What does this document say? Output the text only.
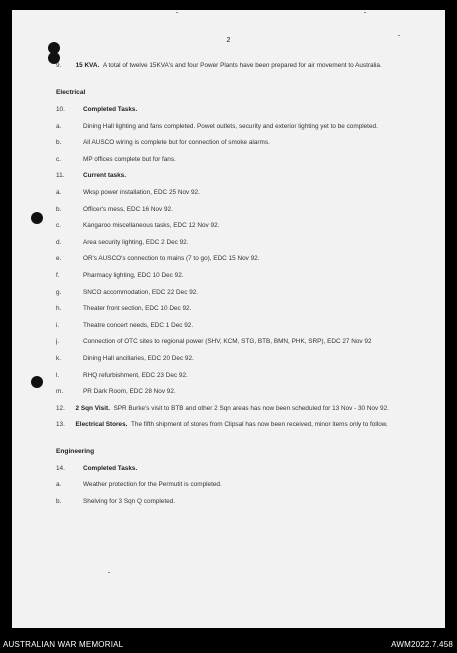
2
9. 15 KVA. A total of twelve 15KVA's and four Power Plants have been prepared for air movement to Australia.
Electrical
10.	Completed Tasks.
a.	Dining Hall lighting and fans completed. Powet outlets, security and exterior lighting yet to be completed.
b.	All AUSCO wiring is complete but for connection of smoke alarms.
c.	MP offices complete but for fans.
11.	Current tasks.
a.	Wksp power installation, EDC 25 Nov 92.
b.	Officer's mess, EDC 16 Nov 92.
c.	Kangaroo miscellaneous tasks, EDC 12 Nov 92.
d.	Area security lighting, EDC 2 Dec 92.
e.	OR's AUSCO's connection to mains (7 to go), EDC 15 Nov 92.
f.	Pharmacy lighting, EDC 10 Dec 92.
g.	SNCO accommodation, EDC 22 Dec 92.
h.	Theater front section, EDC 10 Dec 92.
i.	Theatre concert needs, EDC 1 Dec 92.
j.	Connection of OTC sites to regional power (SHV, KCM, STG, BTB, BMN, PHK, SRP), EDC 27 Nov 92
k.	Dining Hall ancillaries, EDC 20 Dec 92.
l.	RHQ refurbishment, EDC 23 Dec 92.
m.	PR Dark Room, EDC 28 Nov 92.
12. 2 Sqn Visit. SPR Burke's visit to BTB and other 2 Sqn areas has now been scheduled for 13 Nov - 30 Nov 92.
13. Electrical Stores. The fifth shipment of stores from Clipsal has now been received, minor items only to follow.
Engineering
14.	Completed Tasks.
a.	Weather protection for the Permutit is completed.
b.	Shelving for 3 Sqn Q completed.
AUSTRALIAN WAR MEMORIAL	AWM2022.7.458
